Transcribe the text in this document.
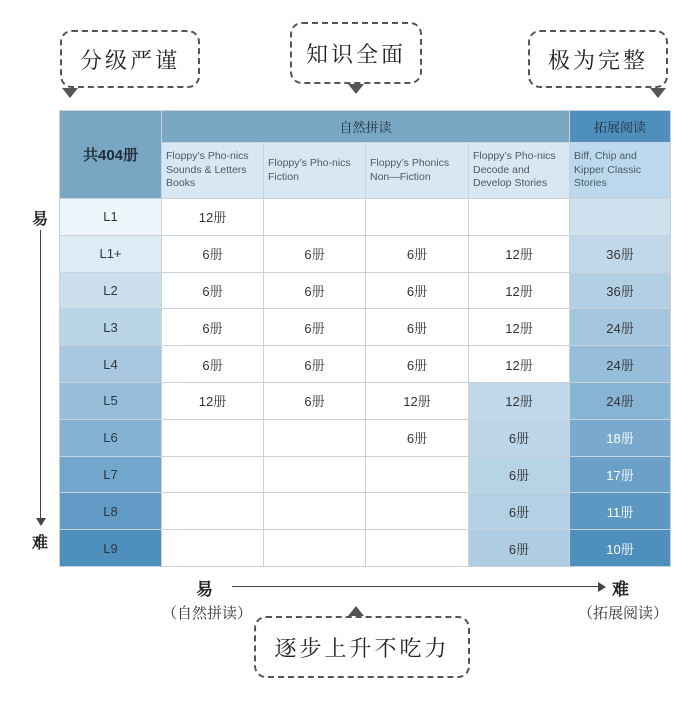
分级严谨	知识全面	极为完整
共404册	自然拼读				拓展阅读
	Floppy’s Pho-nics Sounds & Letters Books	Floppy’s Pho-nics Fiction	Floppy’s Phonics Non—Fiction	Floppy’s Pho-nics Decode and Develop Stories	Biff, Chip and Kipper Classic Stories
L1	12册				
L1+	6册	6册	6册	12册	36册
L2	6册	6册	6册	12册	36册
L3	6册	6册	6册	12册	24册
L4	6册	6册	6册	12册	24册
L5	12册	6册	12册	12册	24册
L6			6册	6册	18册
L7				6册	17册
L8				6册	11册
L9				6册	10册
易
难
易	难
（自然拼读）	（拓展阅读）
逐步上升不吃力
